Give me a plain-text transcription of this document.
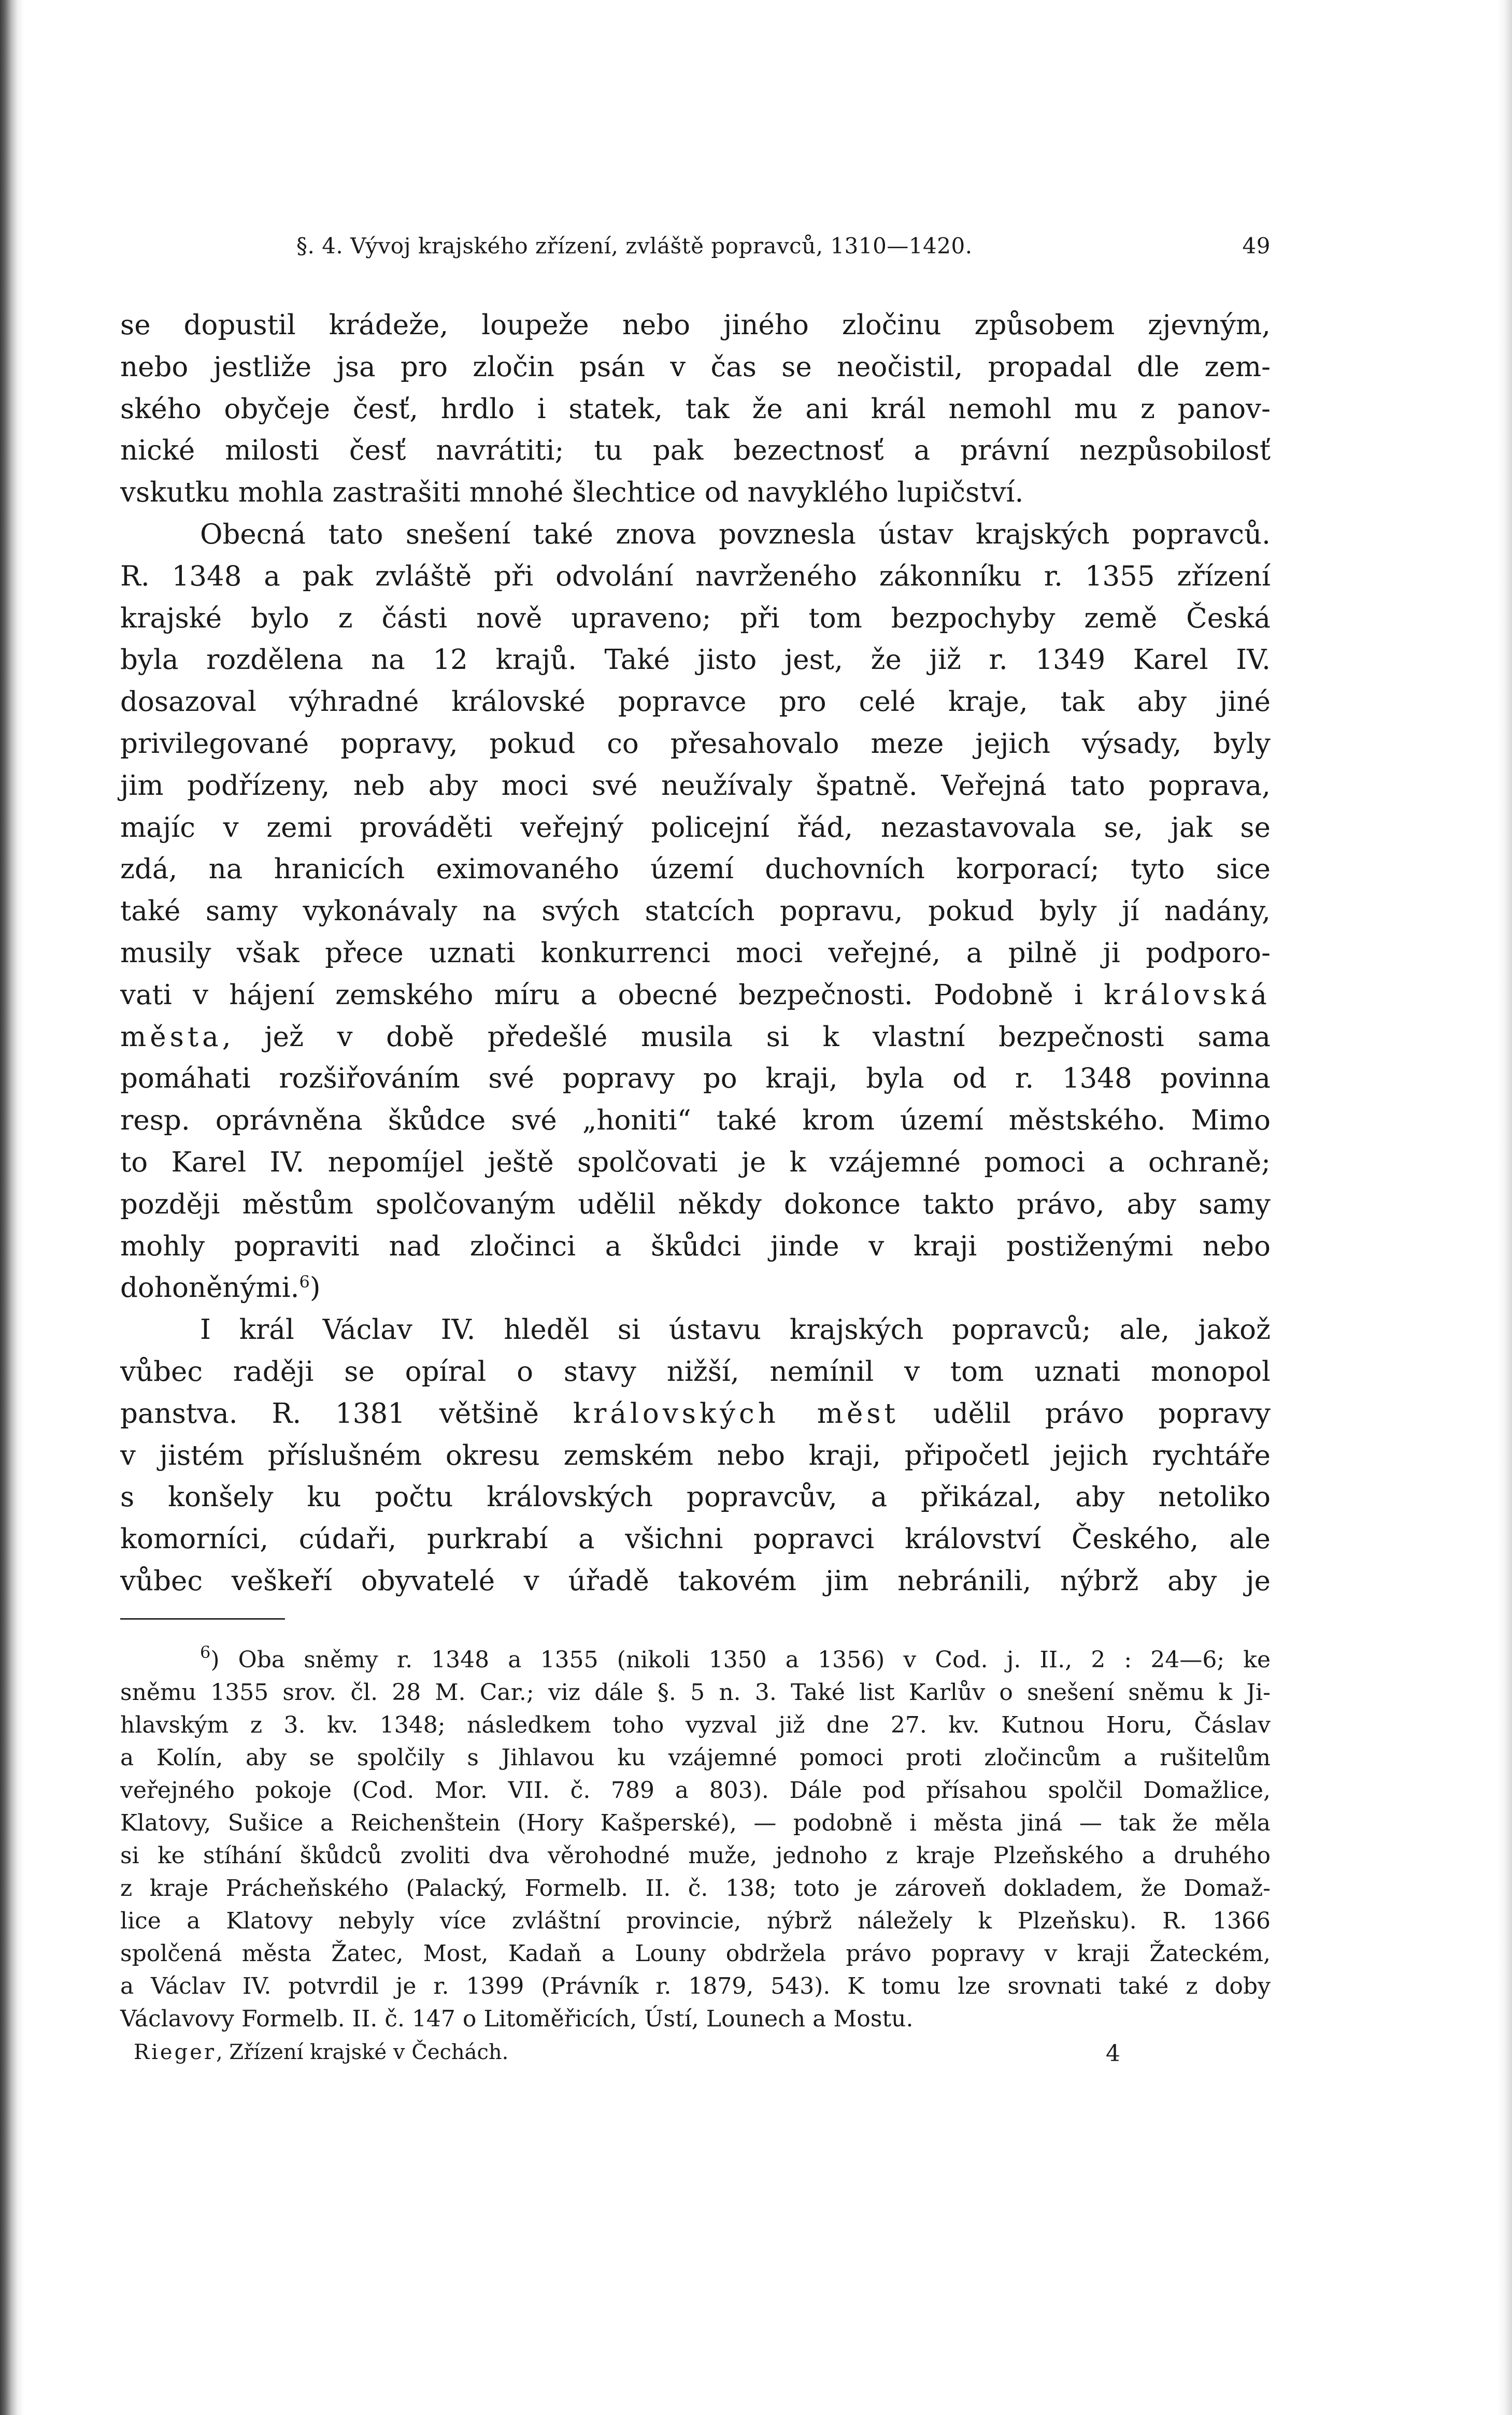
§. 4. Vývoj krajského zřízení, zvláště popravců, 1310—1420.	49

se dopustil krádeže, loupeže nebo jiného zločinu způsobem zjevným,

nebo jestliže jsa pro zločin psán v čas se neočistil, propadal dle zem-

ského obyčeje česť, hrdlo i statek, tak že ani král nemohl mu z panov-

nické milosti česť navrátiti; tu pak bezectnosť a právní nezpůsobilosť

vskutku mohla zastrašiti mnohé šlechtice od navyklého lupičství.

Obecná tato snešení také znova povznesla ústav krajských popravců.

R. 1348 a pak zvláště při odvolání navrženého zákonníku r. 1355 zřízení

krajské bylo z části nově upraveno; při tom bezpochyby země Česká

byla rozdělena na 12 krajů. Také jisto jest, že již r. 1349 Karel IV.

dosazoval výhradné královské popravce pro celé kraje, tak aby jiné

privilegované popravy, pokud co přesahovalo meze jejich výsady, byly

jim podřízeny, neb aby moci své neužívaly špatně. Veřejná tato poprava,

majíc v zemi prováděti veřejný policejní řád, nezastavovala se, jak se

zdá, na hranicích eximovaného území duchovních korporací; tyto sice

také samy vykonávaly na svých statcích popravu, pokud byly jí nadány,

musily však přece uznati konkurrenci moci veřejné, a pilně ji podporo-

vati v hájení zemského míru a obecné bezpečnosti. Podobně i královská

města, jež v době předešlé musila si k vlastní bezpečnosti sama

pomáhati rozšiřováním své popravy po kraji, byla od r. 1348 povinna

resp. oprávněna škůdce své „honiti“ také krom území městského. Mimo

to Karel IV. nepomíjel ještě spolčovati je k vzájemné pomoci a ochraně;

později městům spolčovaným udělil někdy dokonce takto právo, aby samy

mohly popraviti nad zločinci a škůdci jinde v kraji postiženými nebo

dohoněnými.$^6$)

I král Václav IV. hleděl si ústavu krajských popravců; ale, jakož

vůbec raději se opíral o stavy nižší, nemínil v tom uznati monopol

panstva. R. 1381 většině královských měst udělil právo popravy

v jistém příslušném okresu zemském nebo kraji, připočetl jejich rychtáře

s konšely ku počtu královských popravcův, a přikázal, aby netoliko

komorníci, cúdaři, purkrabí a všichni popravci království Českého, ale

vůbec veškeří obyvatelé v úřadě takovém jim nebránili, nýbrž aby je

$^6$) Oba sněmy r. 1348 a 1355 (nikoli 1350 a 1356) v Cod. j. II., 2 : 24—6; ke

sněmu 1355 srov. čl. 28 M. Car.; viz dále §. 5 n. 3. Také list Karlův o snešení sněmu k Ji-

hlavským z 3. kv. 1348; následkem toho vyzval již dne 27. kv. Kutnou Horu, Čáslav

a Kolín, aby se spolčily s Jihlavou ku vzájemné pomoci proti zločincům a rušitelům

veřejného pokoje (Cod. Mor. VII. č. 789 a 803). Dále pod přísahou spolčil Domažlice,

Klatovy, Sušice a Reichenštein (Hory Kašperské), — podobně i města jiná — tak že měla

si ke stíhání škůdců zvoliti dva věrohodné muže, jednoho z kraje Plzeňského a druhého

z kraje Prácheňského (Palacký, Formelb. II. č. 138; toto je zároveň dokladem, že Domaž-

lice a Klatovy nebyly více zvláštní provincie, nýbrž náležely k Plzeňsku). R. 1366

spolčená města Žatec, Most, Kadaň a Louny obdržela právo popravy v kraji Žateckém,

a Václav IV. potvrdil je r. 1399 (Právník r. 1879, 543). K tomu lze srovnati také z doby

Václavovy Formelb. II. č. 147 o Litoměřicích, Ústí, Lounech a Mostu.

Rieger, Zřízení krajské v Čechách.	4
